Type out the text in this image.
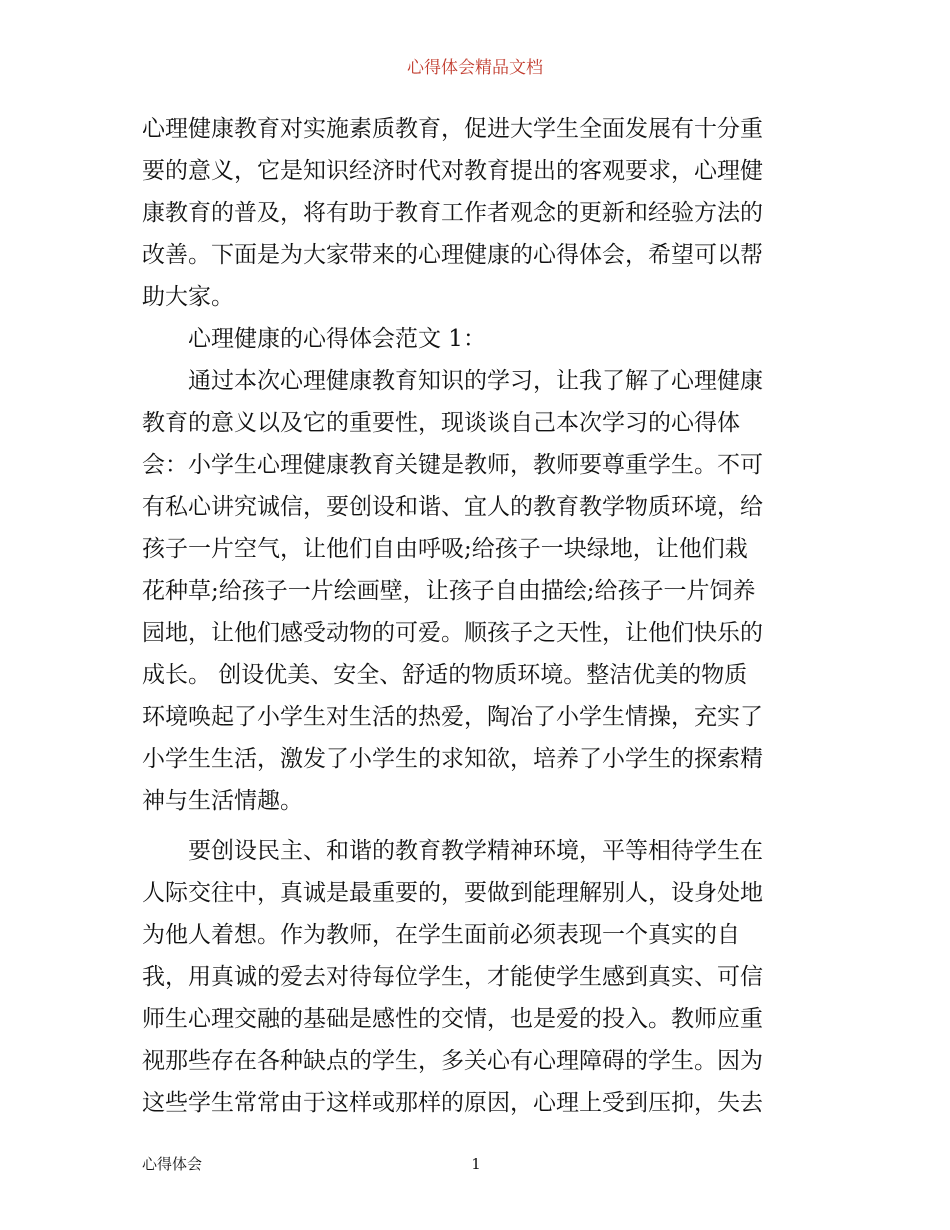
心得体会精品文档
心理健康教育对实施素质教育，促进大学生全面发展有十分重
要的意义，它是知识经济时代对教育提出的客观要求，心理健
康教育的普及，将有助于教育工作者观念的更新和经验方法的
改善。下面是为大家带来的心理健康的心得体会，希望可以帮
助大家。
心理健康的心得体会范文 1：
通过本次心理健康教育知识的学习，让我了解了心理健康
教育的意义以及它的重要性，现谈谈自己本次学习的心得体
会：小学生心理健康教育关键是教师，教师要尊重学生。不可
有私心讲究诚信，要创设和谐、宜人的教育教学物质环境，给
孩子一片空气，让他们自由呼吸;给孩子一块绿地，让他们栽
花种草;给孩子一片绘画壁，让孩子自由描绘;给孩子一片饲养
园地，让他们感受动物的可爱。顺孩子之天性，让他们快乐的
成长。 创设优美、安全、舒适的物质环境。整洁优美的物质
环境唤起了小学生对生活的热爱，陶冶了小学生情操，充实了
小学生生活，激发了小学生的求知欲，培养了小学生的探索精
神与生活情趣。
要创设民主、和谐的教育教学精神环境，平等相待学生在
人际交往中，真诚是最重要的，要做到能理解别人，设身处地
为他人着想。作为教师，在学生面前必须表现一个真实的自
我，用真诚的爱去对待每位学生，才能使学生感到真实、可信
师生心理交融的基础是感性的交情，也是爱的投入。教师应重
视那些存在各种缺点的学生，多关心有心理障碍的学生。因为
这些学生常常由于这样或那样的原因，心理上受到压抑，失去
心得体会	1
